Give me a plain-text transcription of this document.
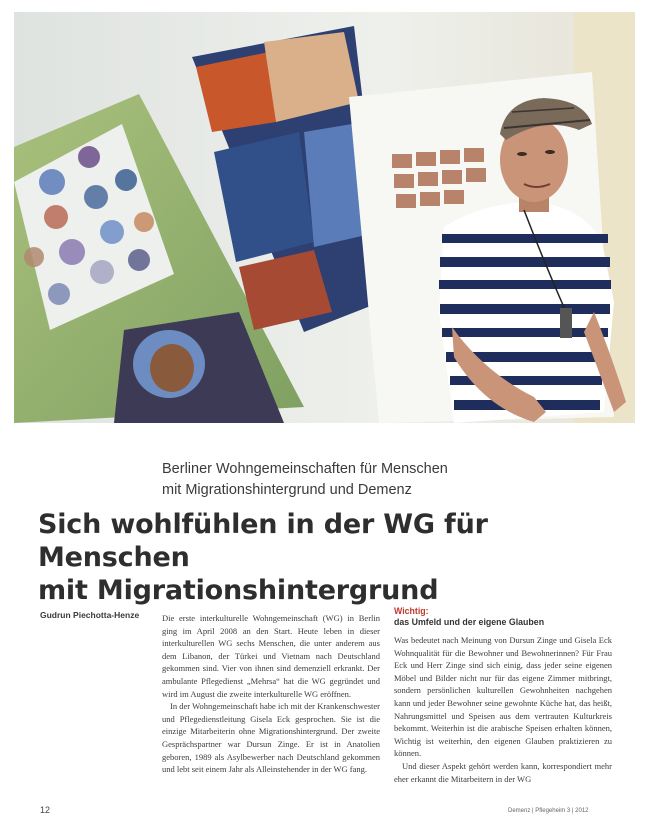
Berliner Wohngemeinschaften für Menschen
mit Migrationshintergrund und Demenz
Sich wohlfühlen in der WG für Menschen
mit Migrationshintergrund
Gudrun Piechotta-Henze	Die erste interkulturelle Wohngemeinschaft (WG) in Berlin ging im April 2008 an den Start. Heute leben in dieser interkulturellen WG sechs Menschen, die unter anderem aus dem Libanon, der Türkei und Vietnam nach Deutschland gekommen sind. Vier von ihnen sind demenziell erkrankt. Der ambulante Pflegedienst „Mehrsa“ hat die WG gegründet und wird im August die zweite interkulturelle WG eröffnen.

In der Wohngemeinschaft habe ich mit der Krankenschwester und Pflegedienstleitung Gisela Eck gesprochen. Sie ist die einzige Mitarbeiterin ohne Migrationshintergrund. Der zweite Gesprächspartner war Dursun Zinge. Er ist in Anatolien geboren, 1989 als Asylbewerber nach Deutschland gekommen und lebt seit einem Jahr als Alleinstehender in der WG fang.

Wichtig:
das Umfeld und der eigene Glauben

Was bedeutet nach Meinung von Dursun Zinge und Gisela Eck Wohnqualität für die Bewohner und Bewohnerinnen? Für Frau Eck und Herr Zinge sind sich einig, dass jeder seine eigenen Möbel und Bilder nicht nur für das eigene Zimmer mitbringt, sondern persönlichen kulturellen Gewohnheiten nachgehen kann und jeder Bewohner seine gewohnte Küche hat, das heißt, Nahrungsmittel und Speisen aus dem vertrauten Kulturkreis bekommt. Weiterhin ist die arabische Speisen erhalten können, Wichtig ist weiterhin, den eigenen Glauben praktizieren zu können.

Und dieser Aspekt gehört werden kann, korrespondiert mehr eher erkannt die Mitarbeitern in der WG

12	Demenz | Pflegeheim 3 | 2012
